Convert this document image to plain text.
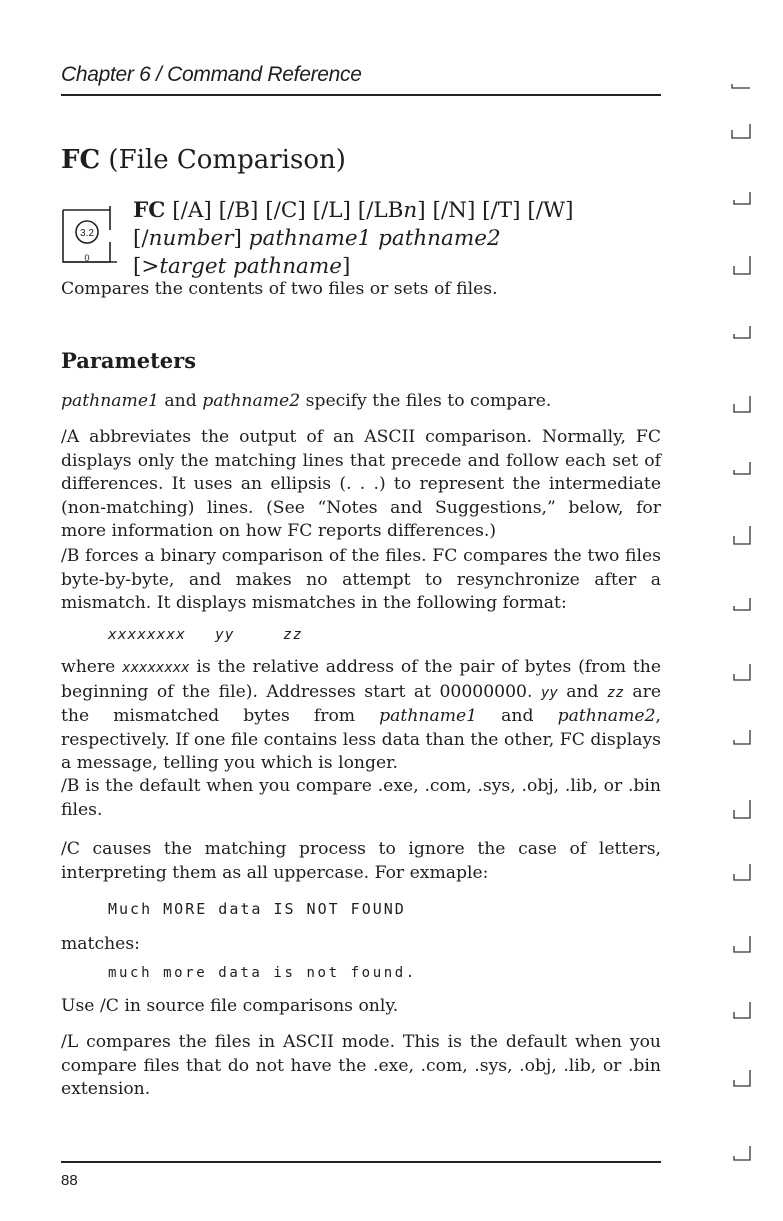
Chapter 6 / Command Reference
FC (File Comparison)
3.2
0
FC [/A] [/B] [/C] [/L] [/LBn] [/N] [/T] [/W]
[/number] pathname1 pathname2
[>target pathname]
Compares the contents of two files or sets of files.
Parameters
pathname1 and pathname2 specify the files to compare.
/A abbreviates the output of an ASCII comparison. Normally, FC displays only the matching lines that precede and follow each set of differences. It uses an ellipsis (. . .) to represent the intermediate (non-matching) lines. (See “Notes and Suggestions,” below, for more information on how FC reports differences.)
/B forces a binary comparison of the files. FC compares the two files byte-by-byte, and makes no attempt to resynchronize after a mismatch. It displays mismatches in the following format:
xxxxxxxx yy	zz
where xxxxxxxx is the relative address of the pair of bytes (from the beginning of the file). Addresses start at 00000000. yy and zz are the mismatched bytes from pathname1 and pathname2, respectively. If one file contains less data than the other, FC displays a message, telling you which is longer.
/B is the default when you compare .exe, .com, .sys, .obj, .lib, or .bin files.
/C causes the matching process to ignore the case of letters, interpreting them as all uppercase. For exmaple:
Much MORE data IS NOT FOUND
matches:
much more data is not found.
Use /C in source file comparisons only.
/L compares the files in ASCII mode. This is the default when you compare files that do not have the .exe, .com, .sys, .obj, .lib, or .bin extension.
88
